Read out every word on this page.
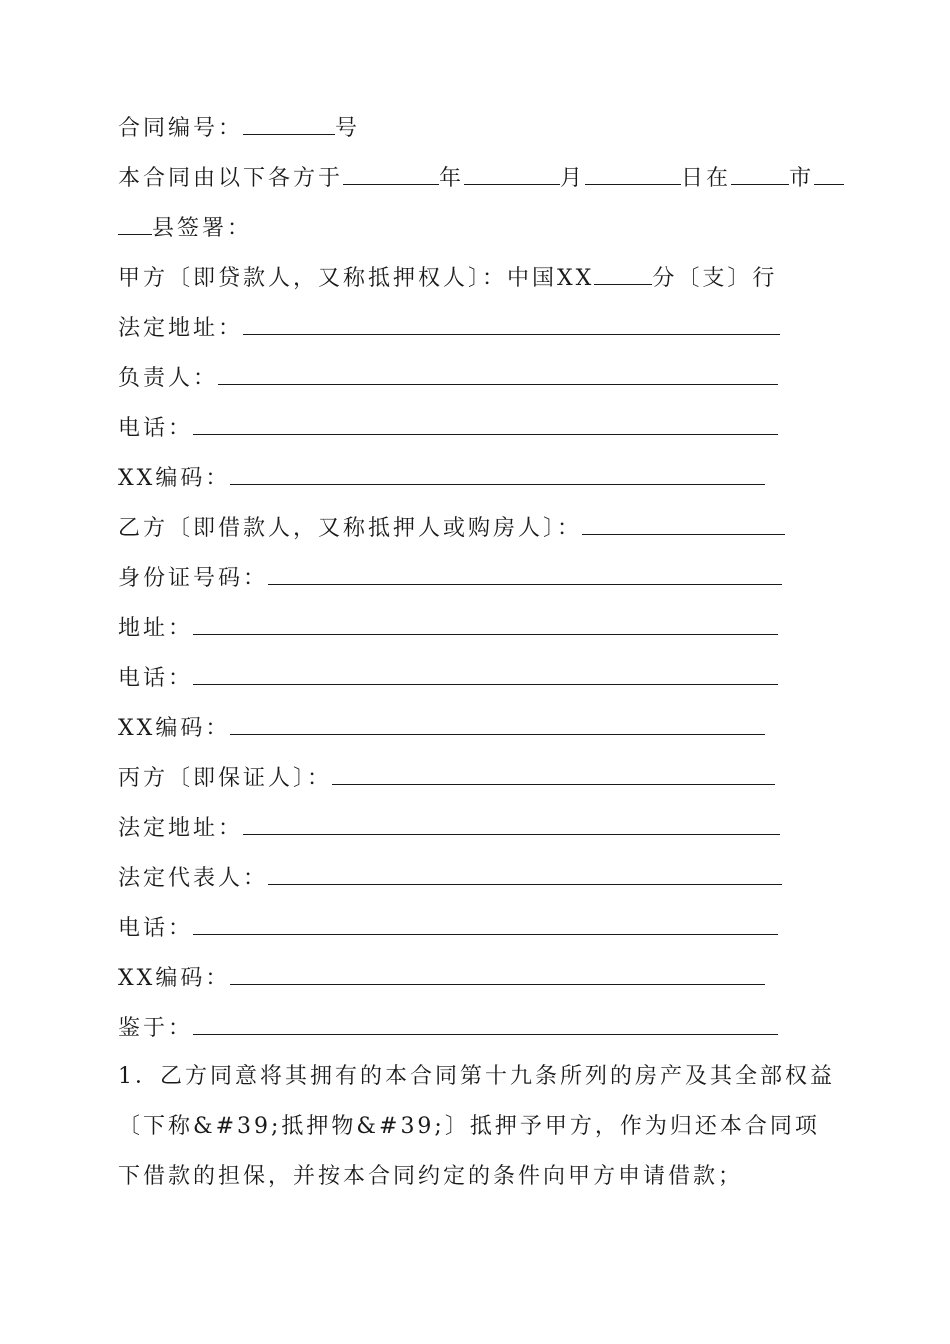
合同编号：	号
本合同由以下各方于	年	月	日在	市
县签署：
甲方〔即贷款人，又称抵押权人〕：中国XX	分〔支〕行
法定地址：
负责人：
电话：
XX编码：
乙方〔即借款人，又称抵押人或购房人〕：
身份证号码：
地址：
电话：
XX编码：
丙方〔即保证人〕：
法定地址：
法定代表人：
电话：
XX编码：
鉴于：
1．乙方同意将其拥有的本合同第十九条所列的房产及其全部权益〔下称&#39;抵押物&#39;〕抵押予甲方，作为归还本合同项下借款的担保，并按本合同约定的条件向甲方申请借款；
